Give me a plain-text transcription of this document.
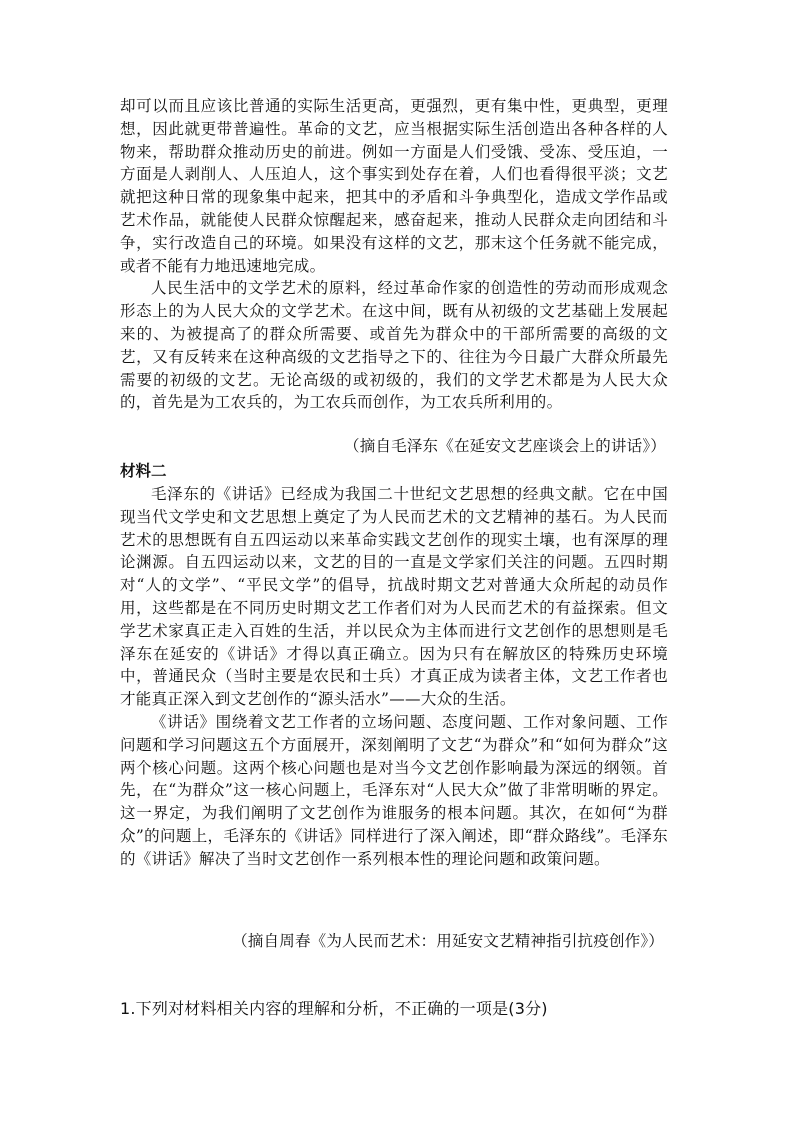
却可以而且应该比普通的实际生活更高，更强烈，更有集中性，更典型，更理想，因此就更带普遍性。革命的文艺，应当根据实际生活创造出各种各样的人物来，帮助群众推动历史的前进。例如一方面是人们受饿、受冻、受压迫，一方面是人剥削人、人压迫人，这个事实到处存在着，人们也看得很平淡；文艺就把这种日常的现象集中起来，把其中的矛盾和斗争典型化，造成文学作品或艺术作品，就能使人民群众惊醒起来，感奋起来，推动人民群众走向团结和斗争，实行改造自己的环境。如果没有这样的文艺，那末这个任务就不能完成，或者不能有力地迅速地完成。

人民生活中的文学艺术的原料，经过革命作家的创造性的劳动而形成观念形态上的为人民大众的文学艺术。在这中间，既有从初级的文艺基础上发展起来的、为被提高了的群众所需要、或首先为群众中的干部所需要的高级的文艺，又有反转来在这种高级的文艺指导之下的、往往为今日最广大群众所最先需要的初级的文艺。无论高级的或初级的，我们的文学艺术都是为人民大众的，首先是为工农兵的，为工农兵而创作，为工农兵所利用的。

（摘自毛泽东《在延安文艺座谈会上的讲话》）

材料二

毛泽东的《讲话》已经成为我国二十世纪文艺思想的经典文献。它在中国现当代文学史和文艺思想上奠定了为人民而艺术的文艺精神的基石。为人民而艺术的思想既有自五四运动以来革命实践文艺创作的现实土壤，也有深厚的理论渊源。自五四运动以来，文艺的目的一直是文学家们关注的问题。五四时期对“人的文学”、“平民文学”的倡导，抗战时期文艺对普通大众所起的动员作用，这些都是在不同历史时期文艺工作者们对为人民而艺术的有益探索。但文学艺术家真正走入百姓的生活，并以民众为主体而进行文艺创作的思想则是毛泽东在延安的《讲话》才得以真正确立。因为只有在解放区的特殊历史环境中，普通民众（当时主要是农民和士兵）才真正成为读者主体，文艺工作者也才能真正深入到文艺创作的“源头活水”——大众的生活。

《讲话》围绕着文艺工作者的立场问题、态度问题、工作对象问题、工作问题和学习问题这五个方面展开，深刻阐明了文艺“为群众”和“如何为群众”这两个核心问题。这两个核心问题也是对当今文艺创作影响最为深远的纲领。首先，在“为群众”这一核心问题上，毛泽东对“人民大众”做了非常明晰的界定。这一界定，为我们阐明了文艺创作为谁服务的根本问题。其次，在如何“为群众”的问题上，毛泽东的《讲话》同样进行了深入阐述，即“群众路线”。毛泽东的《讲话》解决了当时文艺创作一系列根本性的理论问题和政策问题。

（摘自周春《为人民而艺术：用延安文艺精神指引抗疫创作》）

1.下列对材料相关内容的理解和分析，不正确的一项是(3分)
